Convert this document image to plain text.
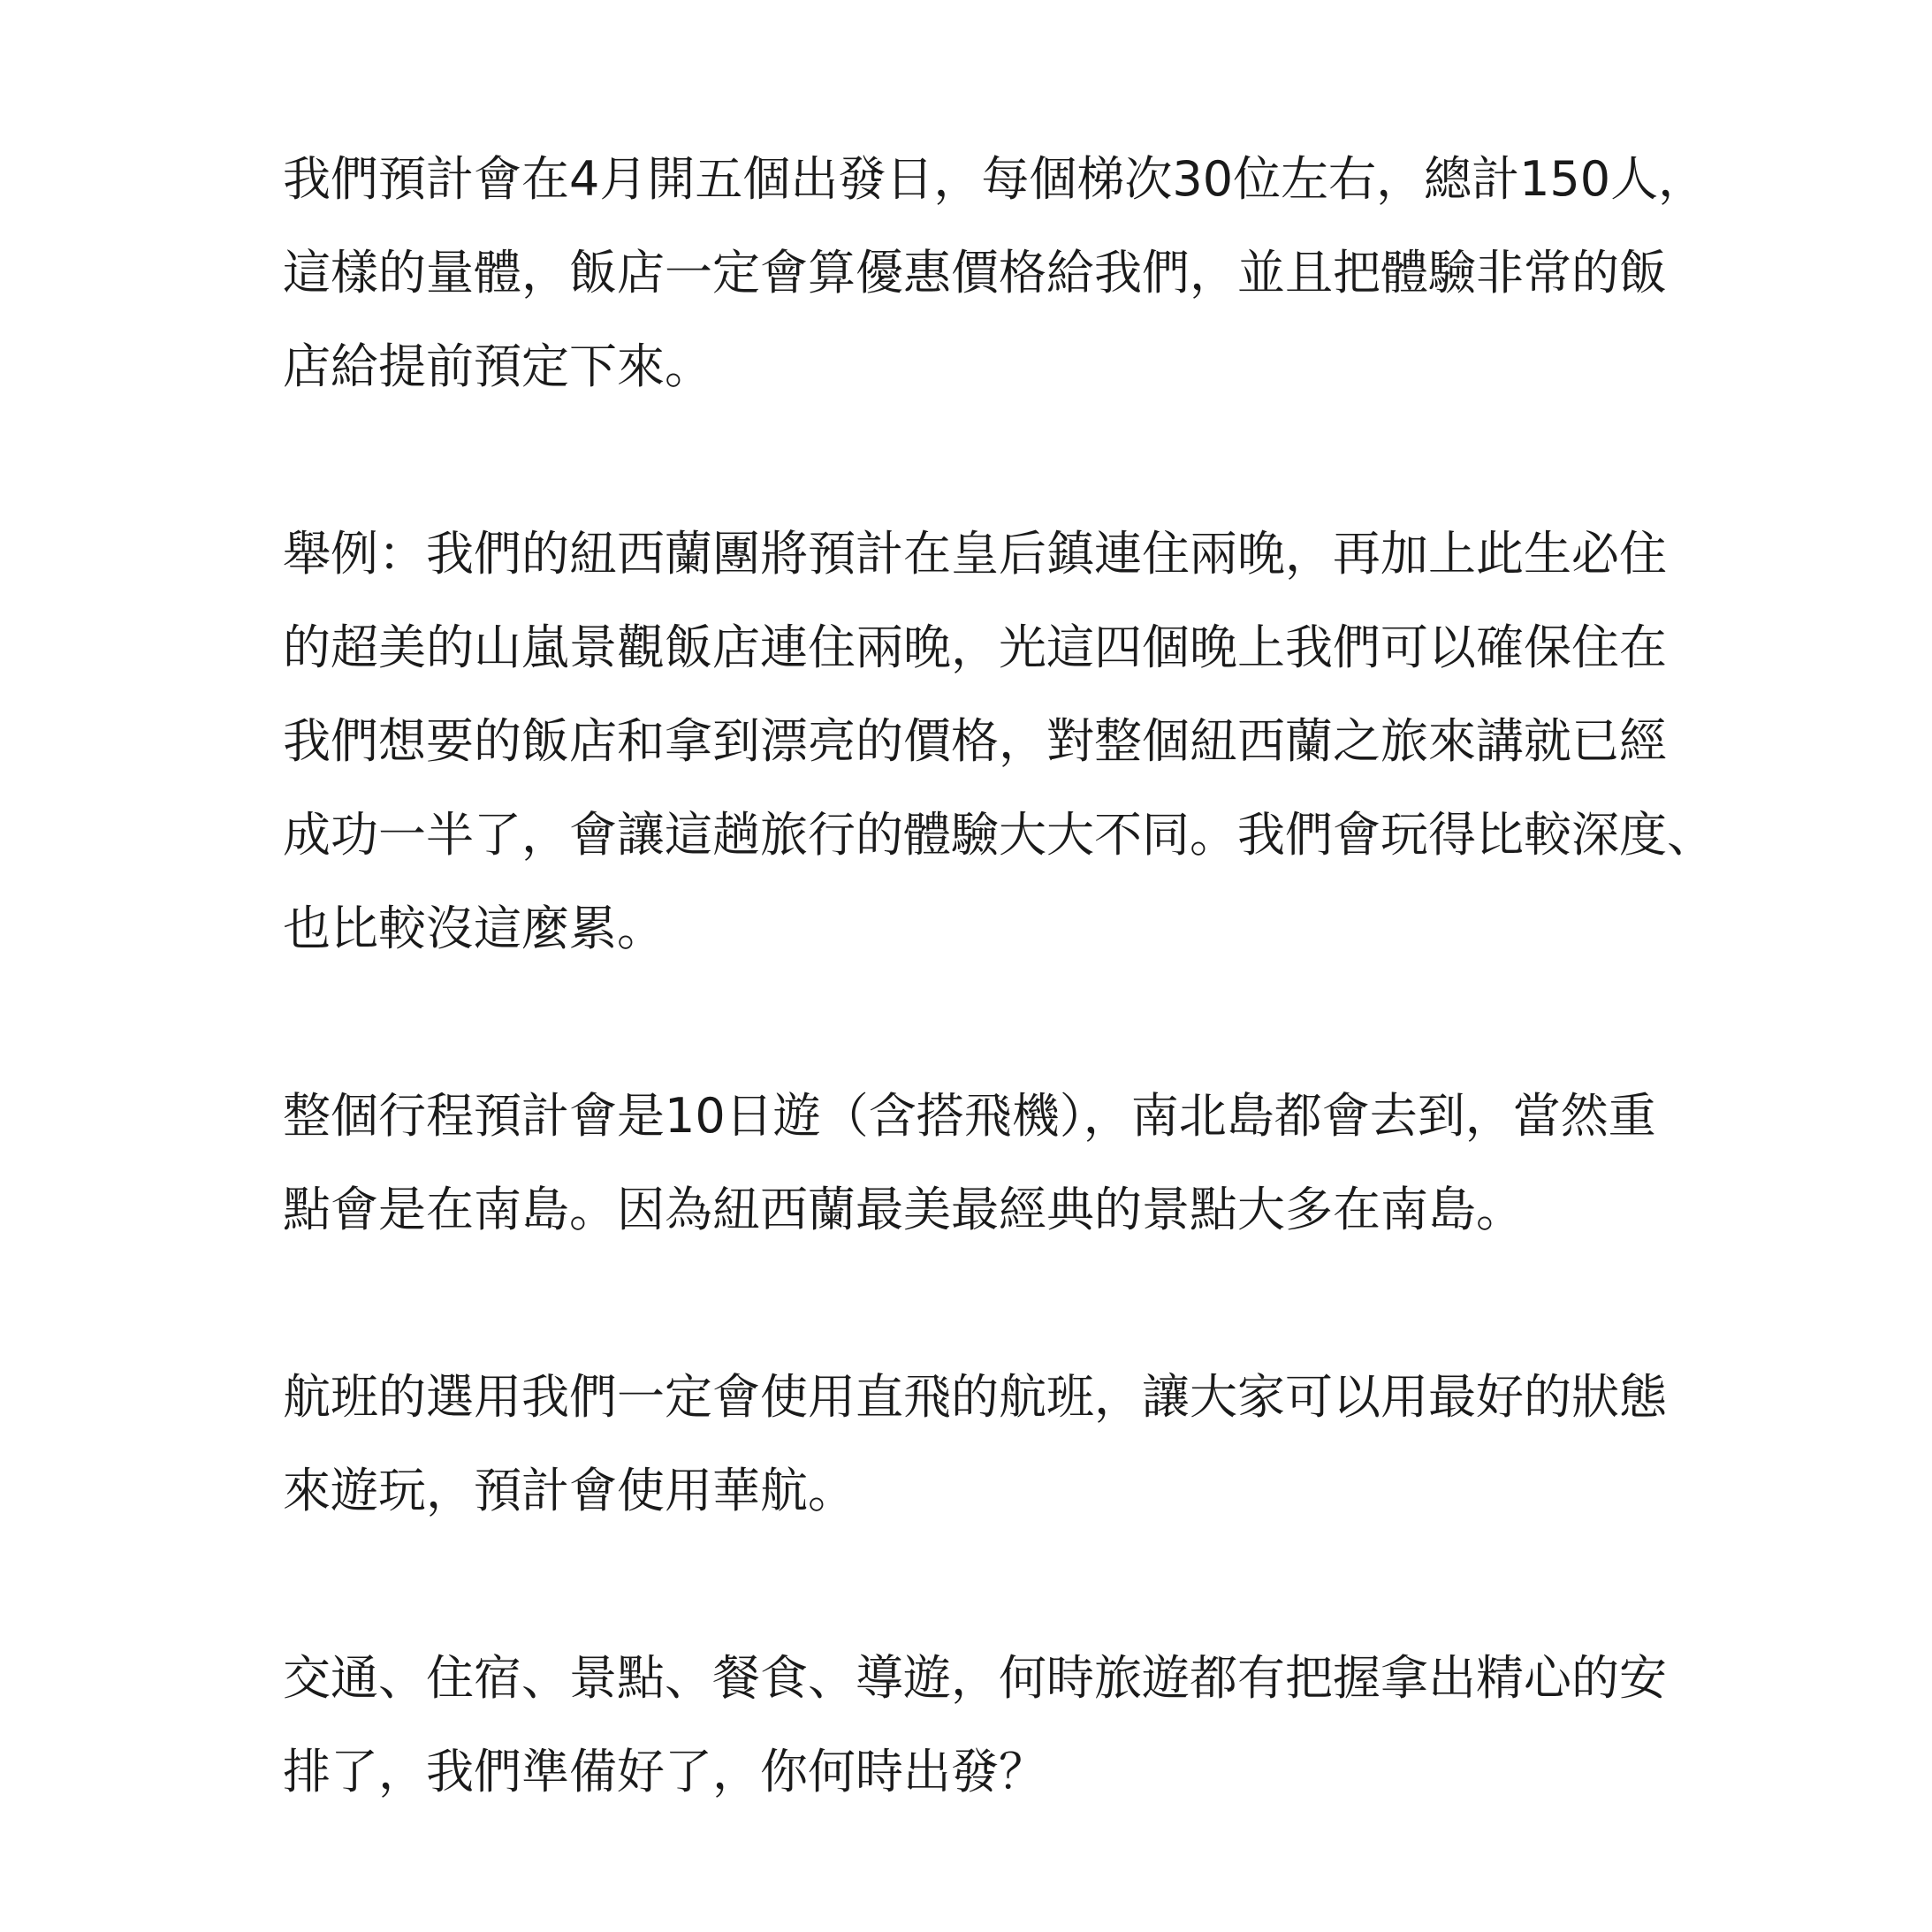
我們預計會在4月開五個出發日，每個梯次30位左右，總計150人，
這樣的量體，飯店一定會算優惠價格給我們，並且把體驗非常的飯
店給提前預定下來。

舉例：我們的紐西蘭團將預計在皇后鎮連住兩晚，再加上此生必住
的超美的山嵐景觀飯店連住兩晚，光這四個晚上我們可以確保住在
我們想要的飯店和拿到漂亮的價格，對整個紐西蘭之旅來講就已經
成功一半了，會讓這趟旅行的體驗大大不同。我們會玩得比較深度、
也比較沒這麼累。

整個行程預計會是10日遊（含搭飛機），南北島都會去到，當然重
點會是在南島。因為紐西蘭最美最經典的景點大多在南島。

航班的選用我們一定會使用直飛的航班，讓大家可以用最好的狀態
來遊玩，預計會使用華航。

交通、住宿、景點、餐食、導遊，何時旅遊都有把握拿出精心的安
排了，我們準備好了，你何時出發？
